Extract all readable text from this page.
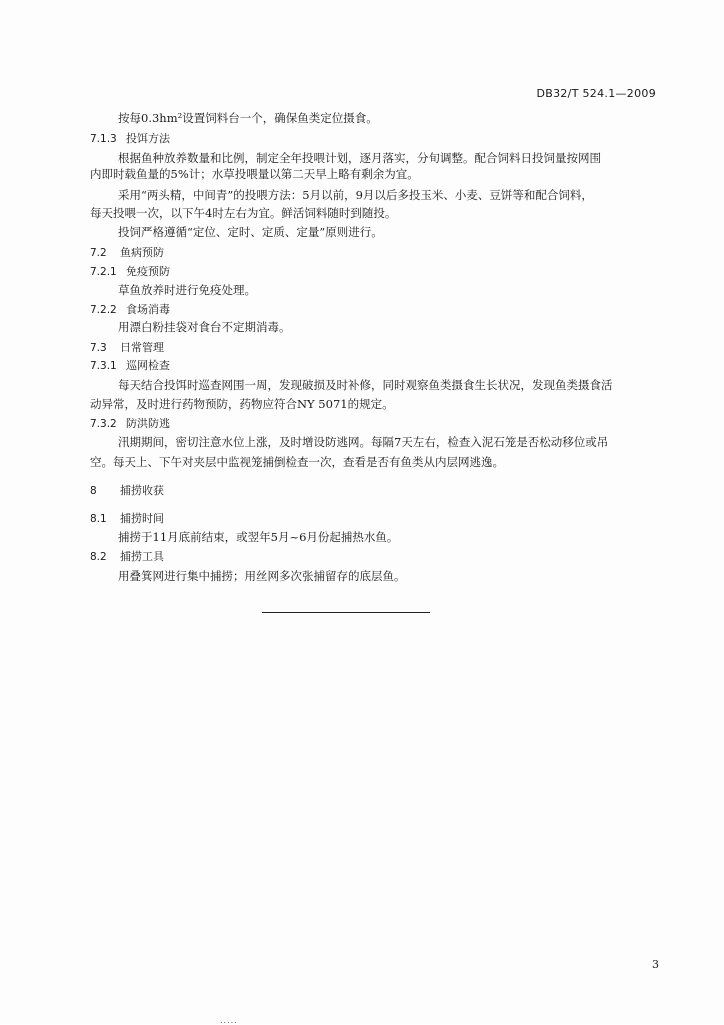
DB32/T 524.1—2009
按每0.3hm²设置饲料台一个，确保鱼类定位摄食。
7.1.3 投饵方法
根据鱼种放养数量和比例，制定全年投喂计划，逐月落实，分旬调整。配合饲料日投饲量按网围
内即时载鱼量的5%计；水草投喂量以第二天早上略有剩余为宜。
采用“两头精，中间青”的投喂方法：5月以前，9月以后多投玉米、小麦、豆饼等和配合饲料，
每天投喂一次，以下午4时左右为宜。鲜活饲料随时到随投。
投饲严格遵循“定位、定时、定质、定量”原则进行。
7.2 鱼病预防
7.2.1 免疫预防
草鱼放养时进行免疫处理。
7.2.2 食场消毒
用漂白粉挂袋对食台不定期消毒。
7.3 日常管理
7.3.1 巡网检查
每天结合投饵时巡查网围一周，发现破损及时补修，同时观察鱼类摄食生长状况，发现鱼类摄食活
动异常，及时进行药物预防，药物应符合NY 5071的规定。
7.3.2 防洪防逃
汛期期间，密切注意水位上涨，及时增设防逃网。每隔7天左右，检查入泥石笼是否松动移位或吊
空。每天上、下午对夹层中监视笼捕倒检查一次，查看是否有鱼类从内层网逃逸。
8 捕捞收获
8.1 捕捞时间
捕捞于11月底前结束，或翌年5月~6月份起捕热水鱼。
8.2 捕捞工具
用叠箕网进行集中捕捞；用丝网多次张捕留存的底层鱼。
3
.....
